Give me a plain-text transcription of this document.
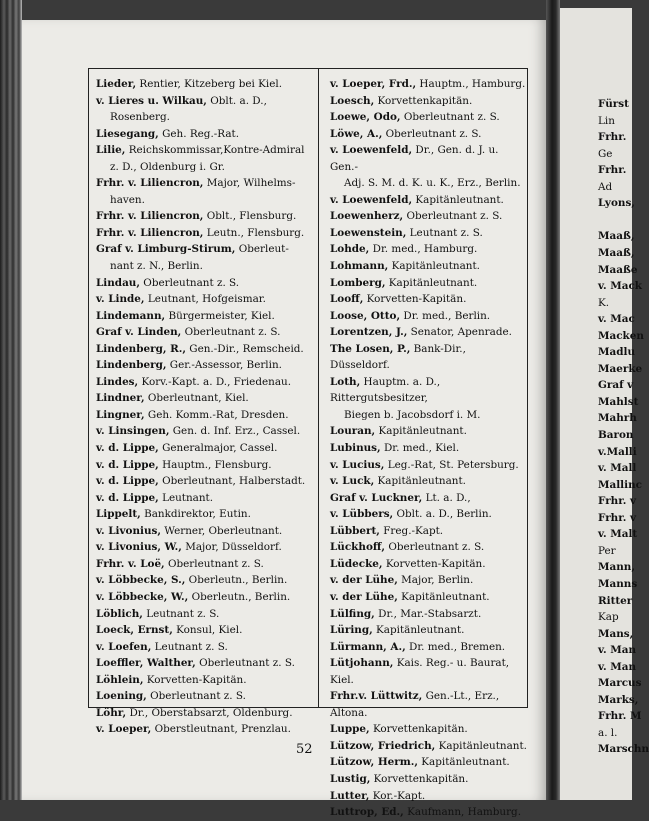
Lieder, Rentier, Kitzeberg bei Kiel.
v. Lieres u. Wilkau, Oblt. a. D.,
Rosenberg.
Liesegang, Geh. Reg.-Rat.
Lilie, Reichskommissar,Kontre-Admiral
z. D., Oldenburg i. Gr.
Frhr. v. Liliencron, Major, Wilhelms-
haven.
Frhr. v. Liliencron, Oblt., Flensburg.
Frhr. v. Liliencron, Leutn., Flensburg.
Graf v. Limburg-Stirum, Oberleut-
nant z. N., Berlin.
Lindau, Oberleutnant z. S.
v. Linde, Leutnant, Hofgeismar.
Lindemann, Bürgermeister, Kiel.
Graf v. Linden, Oberleutnant z. S.
Lindenberg, R., Gen.-Dir., Remscheid.
Lindenberg, Ger.-Assessor, Berlin.
Lindes, Korv.-Kapt. a. D., Friedenau.
Lindner, Oberleutnant, Kiel.
Lingner, Geh. Komm.-Rat, Dresden.
v. Linsingen, Gen. d. Inf. Erz., Cassel.
v. d. Lippe, Generalmajor, Cassel.
v. d. Lippe, Hauptm., Flensburg.
v. d. Lippe, Oberleutnant, Halberstadt.
v. d. Lippe, Leutnant.
Lippelt, Bankdirektor, Eutin.
v. Livonius, Werner, Oberleutnant.
v. Livonius, W., Major, Düsseldorf.
Frhr. v. Loë, Oberleutnant z. S.
v. Löbbecke, S., Oberleutn., Berlin.
v. Löbbecke, W., Oberleutn., Berlin.
Löblich, Leutnant z. S.
Loeck, Ernst, Konsul, Kiel.
v. Loefen, Leutnant z. S.
Loeffler, Walther, Oberleutnant z. S.
Löhlein, Korvetten-Kapitän.
Loening, Oberleutnant z. S.
Löhr, Dr., Oberstabsarzt, Oldenburg.
v. Loeper, Oberstleutnant, Prenzlau.
v. Loeper, Frd., Hauptm., Hamburg.
Loesch, Korvettenkapitän.
Loewe, Odo, Oberleutnant z. S.
Löwe, A., Oberleutnant z. S.
v. Loewenfeld, Dr., Gen. d. J. u. Gen.-
Adj. S. M. d. K. u. K., Erz., Berlin.
v. Loewenfeld, Kapitänleutnant.
Loewenherz, Oberleutnant z. S.
Loewenstein, Leutnant z. S.
Lohde, Dr. med., Hamburg.
Lohmann, Kapitänleutnant.
Lomberg, Kapitänleutnant.
Looff, Korvetten-Kapitän.
Loose, Otto, Dr. med., Berlin.
Lorentzen, J., Senator, Apenrade.
The Losen, P., Bank-Dir., Düsseldorf.
Loth, Hauptm. a. D., Rittergutsbesitzer,
Biegen b. Jacobsdorf i. M.
Louran, Kapitänleutnant.
Lubinus, Dr. med., Kiel.
v. Lucius, Leg.-Rat, St. Petersburg.
v. Luck, Kapitänleutnant.
Graf v. Luckner, Lt. a. D.,
v. Lübbers, Oblt. a. D., Berlin.
Lübbert, Freg.-Kapt.
Lückhoff, Oberleutnant z. S.
Lüdecke, Korvetten-Kapitän.
v. der Lühe, Major, Berlin.
v. der Lühe, Kapitänleutnant.
Lülfing, Dr., Mar.-Stabsarzt.
Lüring, Kapitänleutnant.
Lürmann, A., Dr. med., Bremen.
Lütjohann, Kais. Reg.- u. Baurat, Kiel.
Frhr.v. Lüttwitz, Gen.-Lt., Erz., Altona.
Luppe, Korvettenkapitän.
Lützow, Friedrich, Kapitänleutnant.
Lützow, Herm., Kapitänleutnant.
Lustig, Korvettenkapitän.
Lutter, Kor.-Kapt.
Luttrop, Ed., Kaufmann, Hamburg.
Fürst
Lin
Frhr.
Ge
Frhr.
Ad
Lyons,
Maaß,
Maaß,
Maaße
v. Mack
K.
v. Mac
Macken
Madlu
Maerke
Graf v
Mahlst
Mahrh
Baron
v.Malli
v. Mall
Mallinc
Frhr. v
Frhr. v
v. Malt
Per
Mann,
Manns
Ritter
Kap
Mans,
v. Man
v. Man
Marcus
Marks,
Frhr. M
a. l.
Marschn
52
